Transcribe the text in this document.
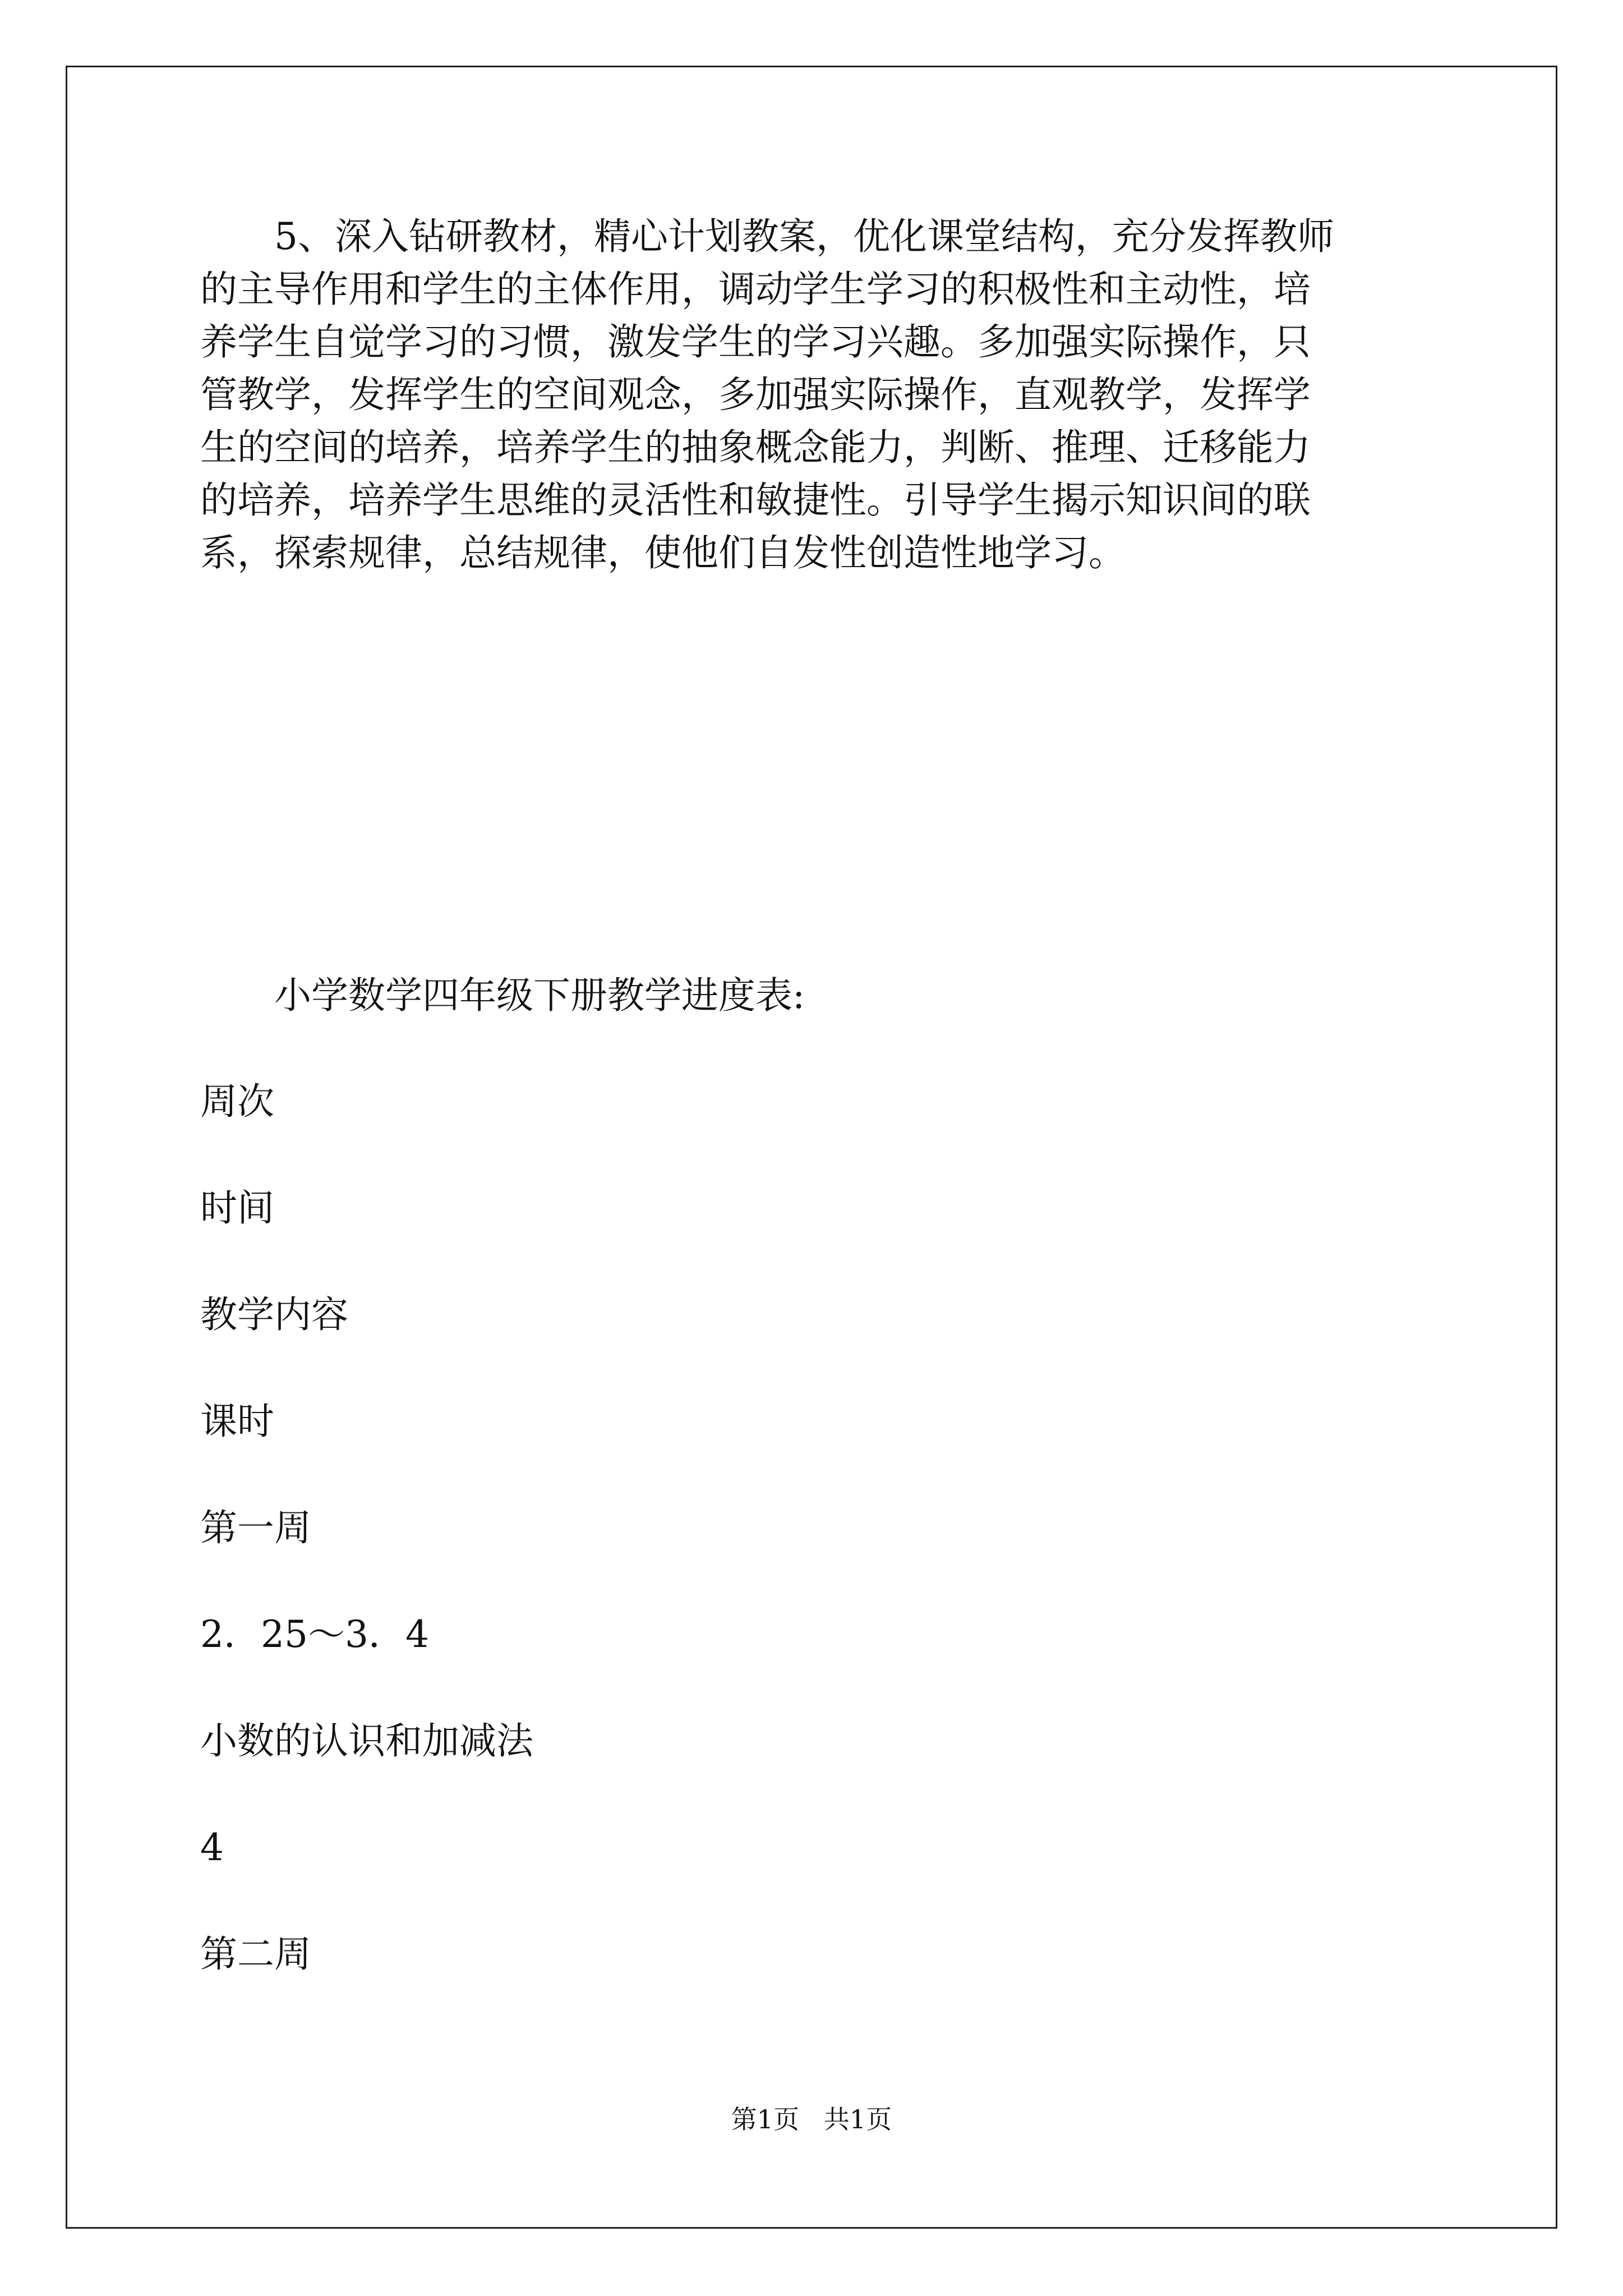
5、深入钻研教材，精心计划教案，优化课堂结构，充分发挥教师
的主导作用和学生的主体作用，调动学生学习的积极性和主动性，培
养学生自觉学习的习惯，激发学生的学习兴趣。多加强实际操作，只
管教学，发挥学生的空间观念，多加强实际操作，直观教学，发挥学
生的空间的培养，培养学生的抽象概念能力，判断、推理、迁移能力
的培养，培养学生思维的灵活性和敏捷性。引导学生揭示知识间的联
系，探索规律，总结规律，使他们自发性创造性地学习。
小学数学四年级下册教学进度表:
周次
时间
教学内容
课时
第一周
2．25～3．4
小数的认识和加减法
4
第二周
第1页   共1页
